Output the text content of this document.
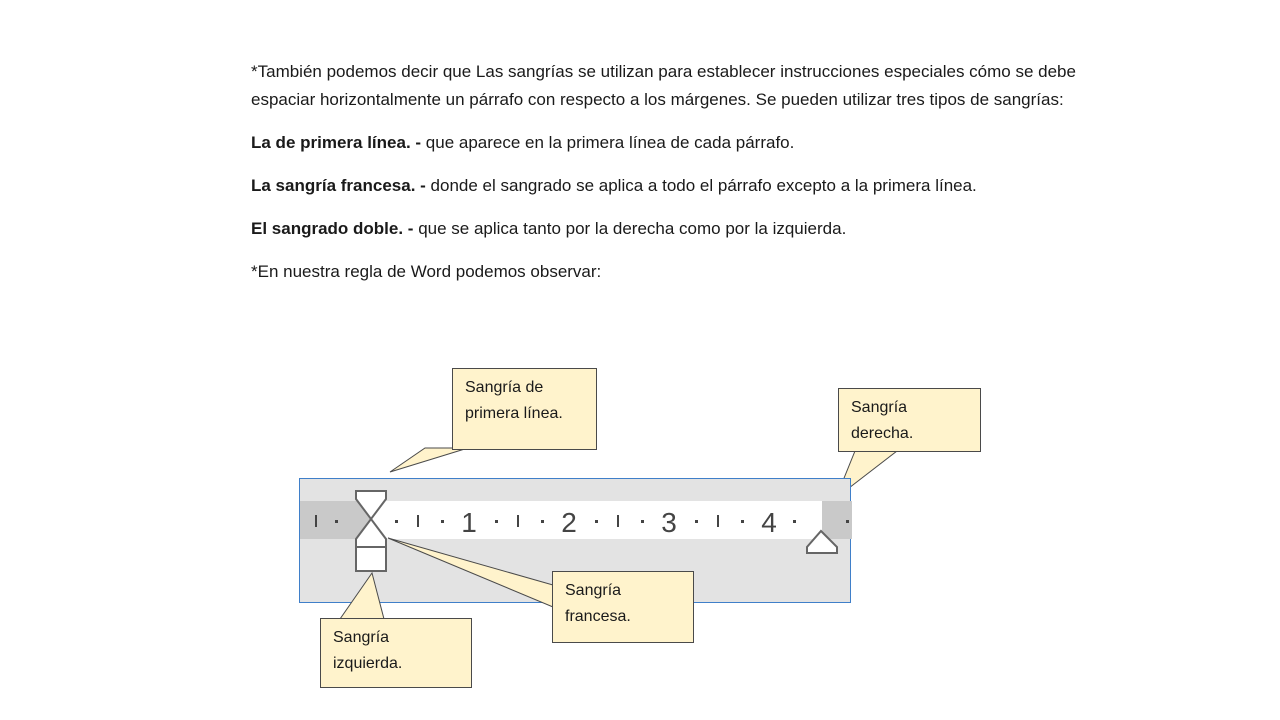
*También podemos decir que Las sangrías se utilizan para establecer instrucciones especiales cómo se debe espaciar horizontalmente un párrafo con respecto a los márgenes. Se pueden utilizar tres tipos de sangrías:

La de primera línea. - que aparece en la primera línea de cada párrafo.

La sangría francesa. - donde el sangrado se aplica a todo el párrafo excepto a la primera línea.

El sangrado doble. - que se aplica tanto por la derecha como por la izquierda.

*En nuestra regla de Word podemos observar:

1	2	3	4
Sangría de
primera línea.	Sangría
derecha.
Sangría
francesa.
Sangría
izquierda.
